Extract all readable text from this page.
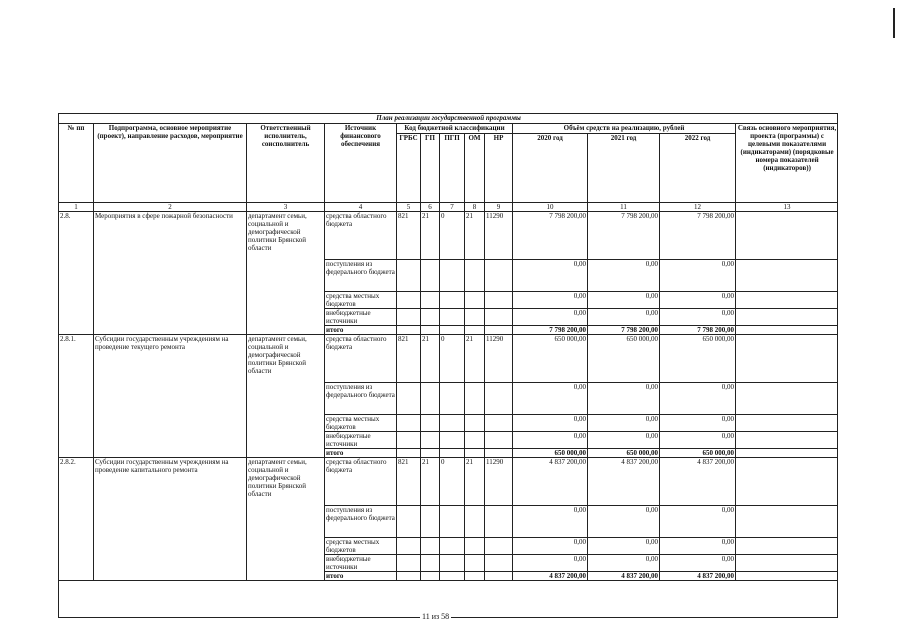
План реализации государственной программы												
№ пп	Подпрограмма, основное мероприятие (проект), направление расходов, мероприятие	Ответственный исполнитель, соисполнитель	Источник финансового обеспечения	Код бюджетной классификации					Объём средств на реализацию, рублей			Связь основного мероприятия, проекта (программы) с целевыми показателями (индикаторами) (порядковые номера показателей (индикаторов))
				ГРБС	ГП	ПГП	ОМ	НР	2020 год	2021 год	2022 год	
1	2	3	4	5	6	7	8	9	10	11	12	13
2.8.	Мероприятия в сфере пожарной безопасности	департамент семьи, социальной и демографической политики Брянской области	средства областного бюджета	821	21	0	21	11290	7 798 200,00	7 798 200,00	7 798 200,00	
			поступления из федерального бюджета						0,00	0,00	0,00	
			средства местных бюджетов						0,00	0,00	0,00	
			внебюджетные источники						0,00	0,00	0,00	
			итого						7 798 200,00	7 798 200,00	7 798 200,00	
2.8.1.	Субсидии государственным учреждениям на проведение текущего ремонта	департамент семьи, социальной и демографической политики Брянской области	средства областного бюджета	821	21	0	21	11290	650 000,00	650 000,00	650 000,00	
			поступления из федерального бюджета						0,00	0,00	0,00	
			средства местных бюджетов						0,00	0,00	0,00	
			внебюджетные источники						0,00	0,00	0,00	
			итого						650 000,00	650 000,00	650 000,00	
2.8.2.	Субсидии государственным учреждениям на проведение капитального ремонта	департамент семьи, социальной и демографической политики Брянской области	средства областного бюджета	821	21	0	21	11290	4 837 200,00	4 837 200,00	4 837 200,00	
			поступления из федерального бюджета						0,00	0,00	0,00	
			средства местных бюджетов						0,00	0,00	0,00	
			внебюджетные источники						0,00	0,00	0,00	
			итого						4 837 200,00	4 837 200,00	4 837 200,00	
11 из 58
